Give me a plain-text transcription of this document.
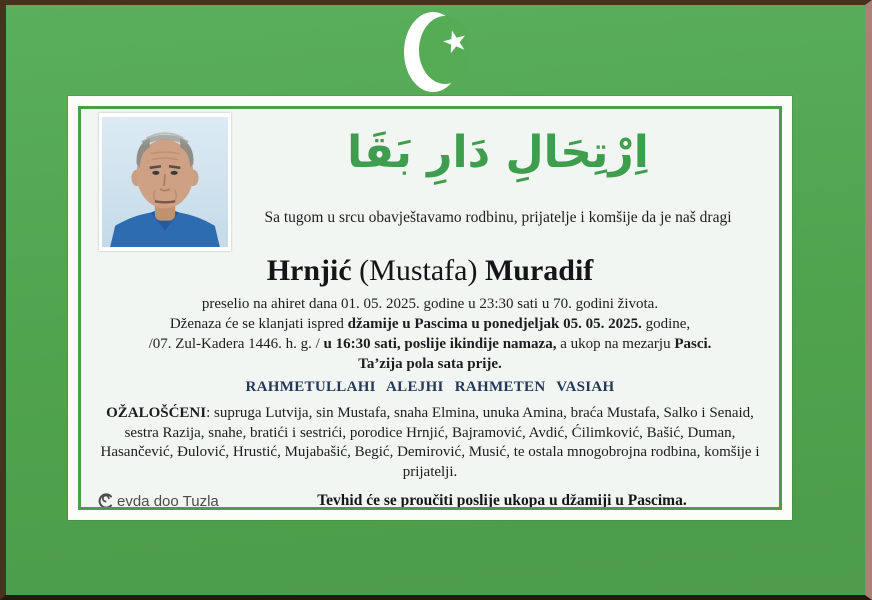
اِرْتِحَالِ دَارِ بَقَا
Sa tugom u srcu obavještavamo rodbinu, prijatelje i komšije da je naš dragi
Hrnjić (Mustafa) Muradif
preselio na ahiret dana 01. 05. 2025. godine u 23:30 sati u 70. godini života.
Dženaza će se klanjati ispred džamije u Pascima u ponedjeljak 05. 05. 2025. godine,
/07. Zul-Kadera 1446. h. g. / u 16:30 sati, poslije ikindije namaza, a ukop na mezarju Pasci.
Ta’zija pola sata prije.
RAHMETULLAHI ALEJHI RAHMETEN VASIAH
OŽALOŠĆENI: supruga Lutvija, sin Mustafa, snaha Elmina, unuka Amina, braća Mustafa, Salko i Senaid, sestra Razija, snahe, bratići i sestrići, porodice Hrnjić, Bajramović, Avdić, Ćilimković, Bašić, Duman, Hasančević, Đulović, Hrustić, Mujabašić, Begić, Demirović, Musić, te ostala mnogobrojna rodbina, komšije i prijatelji.
evda doo Tuzla	Tevhid će se proučiti poslije ukopa u džamiji u Pascima.
